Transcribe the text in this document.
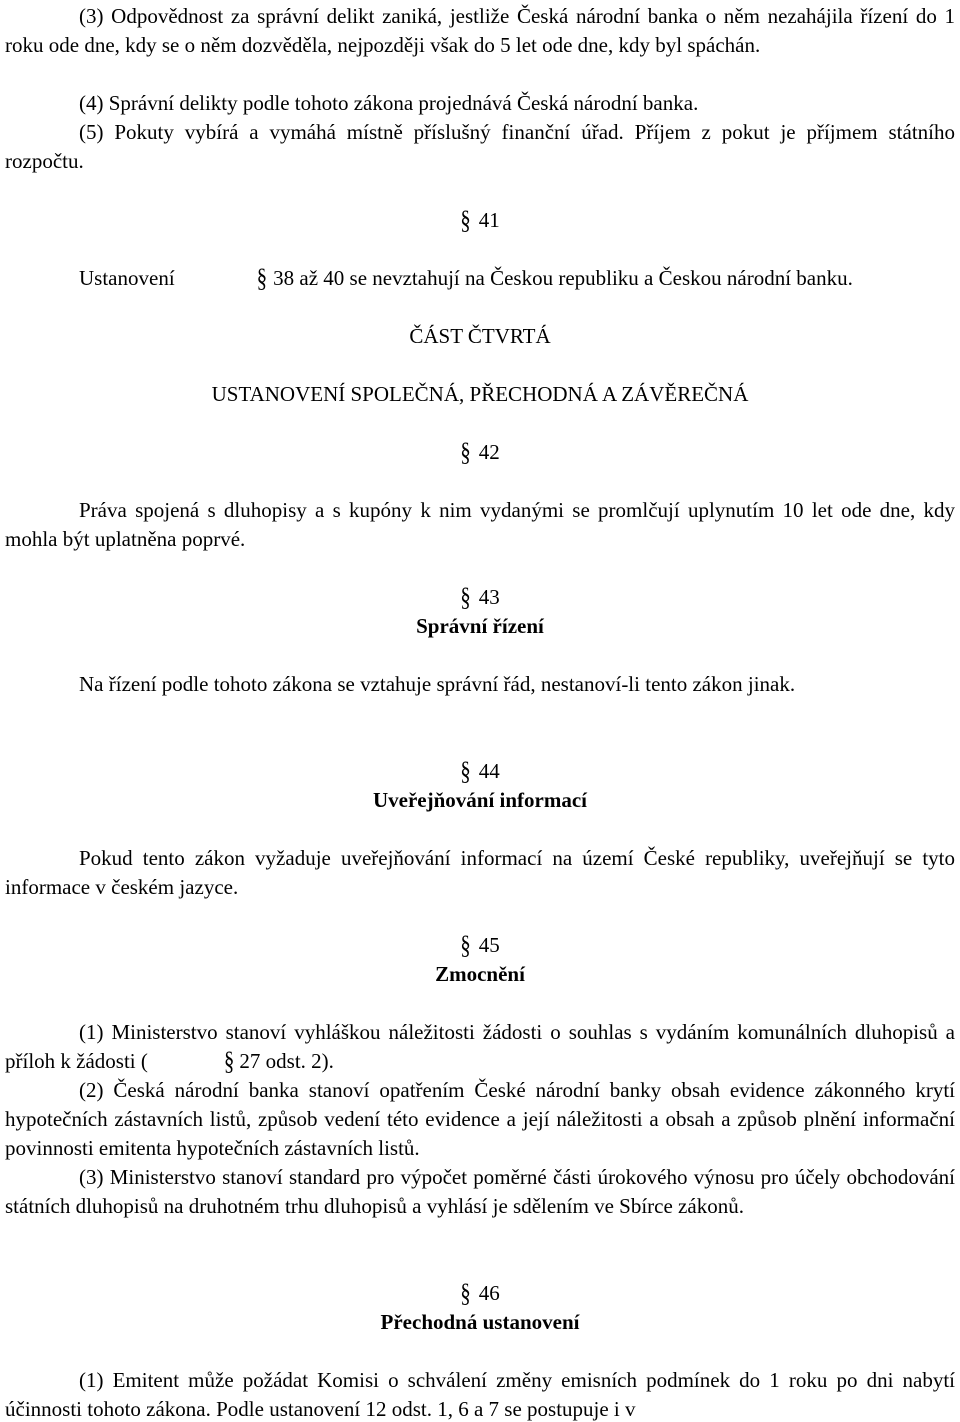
(3) Odpovědnost za správní delikt zaniká, jestliže Česká národní banka o něm nezahájila řízení do 1 roku ode dne, kdy se o něm dozvěděla, nejpozději však do 5 let ode dne, kdy byl spáchán.

(4) Správní delikty podle tohoto zákona projednává Česká národní banka.

(5) Pokuty vybírá a vymáhá místně příslušný finanční úřad. Příjem z pokut je příjmem státního rozpočtu.

§ 41

Ustanovení	§ 38 až 40 se nevztahují na Českou republiku a Českou národní banku.

ČÁST ČTVRTÁ
USTANOVENÍ SPOLEČNÁ, PŘECHODNÁ A ZÁVĚREČNÁ
§ 42

Práva spojená s dluhopisy a s kupóny k nim vydanými se promlčují uplynutím 10 let ode dne, kdy mohla být uplatněna poprvé.

§ 43
Správní řízení

Na řízení podle tohoto zákona se vztahuje správní řád, nestanoví-li tento zákon jinak.

§ 44
Uveřejňování informací

Pokud tento zákon vyžaduje uveřejňování informací na území České republiky, uveřejňují se tyto informace v českém jazyce.

§ 45
Zmocnění

(1) Ministerstvo stanoví vyhláškou náležitosti žádosti o souhlas s vydáním komunálních dluhopisů a příloh k žádosti (	§ 27 odst. 2).

(2) Česká národní banka stanoví opatřením České národní banky obsah evidence zákonného krytí hypotečních zástavních listů, způsob vedení této evidence a její náležitosti a obsah a způsob plnění informační povinnosti emitenta hypotečních zástavních listů.

(3) Ministerstvo stanoví standard pro výpočet poměrné části úrokového výnosu pro účely obchodování státních dluhopisů na druhotném trhu dluhopisů a vyhlásí je sdělením ve Sbírce zákonů.

§ 46
Přechodná ustanovení

(1) Emitent může požádat Komisi o schválení změny emisních podmínek do 1 roku po dni nabytí účinnosti tohoto zákona. Podle ustanovení 12 odst. 1, 6 a 7 se postupuje i v
